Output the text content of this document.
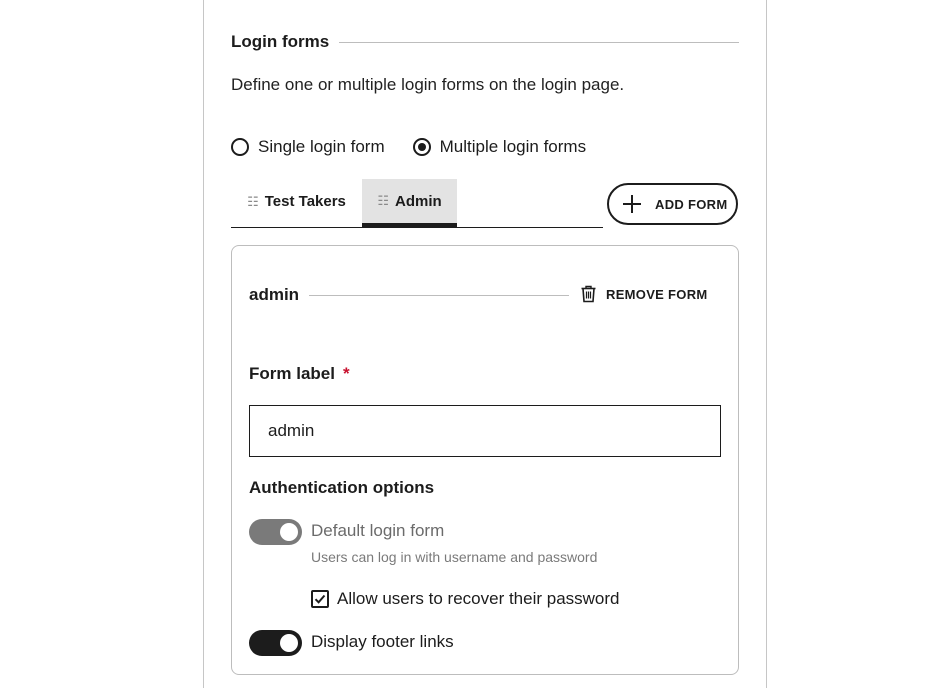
Login forms
Define one or multiple login forms on the login page.
Single login form	Multiple login forms
☷ Test Takers ☷ Admin	ADD FORM
admin	REMOVE FORM
Form label *
admin
Authentication options
Default login form
Users can log in with username and password
Allow users to recover their password
Display footer links
